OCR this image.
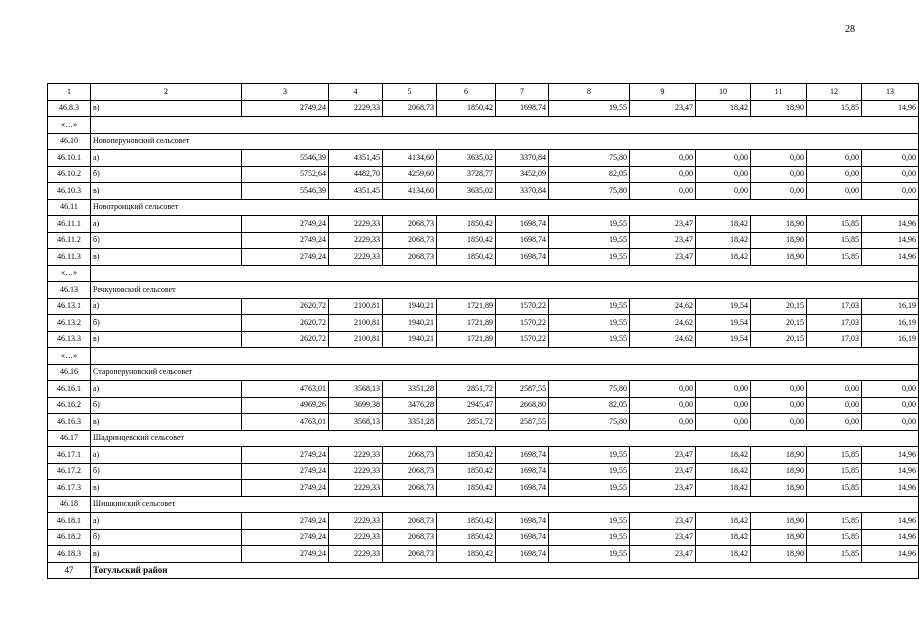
28
1	2	3	4	5	6	7	8	9	10	11	12	13
46.8.3	в)	2749,24	2229,33	2068,73	1850,42	1698,74	19,55	23,47	18,42	18,90	15,85	14,96
«…»												
46.10	Новоперуновский сельсовет											
46.10.1	а)	5546,39	4351,45	4134,60	3635,02	3370,84	75,80	0,00	0,00	0,00	0,00	0,00
46.10.2	б)	5752,64	4482,70	4259,60	3728,77	3452,09	82,05	0,00	0,00	0,00	0,00	0,00
46.10.3	в)	5546,39	4351,45	4134,60	3635,02	3370,84	75,80	0,00	0,00	0,00	0,00	0,00
46.11	Новотроицкий сельсовет											
46.11.1	а)	2749,24	2229,33	2068,73	1850,42	1698,74	19,55	23,47	18,42	18,90	15,85	14,96
46.11.2	б)	2749,24	2229,33	2068,73	1850,42	1698,74	19,55	23,47	18,42	18,90	15,85	14,96
46.11.3	в)	2749,24	2229,33	2068,73	1850,42	1698,74	19,55	23,47	18,42	18,90	15,85	14,96
«…»												
46.13	Речкуновский сельсовет											
46.13.1	а)	2620,72	2100,81	1940,21	1721,89	1570,22	19,55	24,62	19,54	20,15	17,03	16,19
46.13.2	б)	2620,72	2100,81	1940,21	1721,89	1570,22	19,55	24,62	19,54	20,15	17,03	16,19
46.13.3	в)	2620,72	2100,81	1940,21	1721,89	1570,22	19,55	24,62	19,54	20,15	17,03	16,19
«…»												
46.16	Староперуновский сельсовет											
46.16.1	а)	4763,01	3568,13	3351,28	2851,72	2587,55	75,80	0,00	0,00	0,00	0,00	0,00
46.16.2	б)	4969,26	3699,38	3476,28	2945,47	2668,80	82,05	0,00	0,00	0,00	0,00	0,00
46.16.3	в)	4763,01	3568,13	3351,28	2851,72	2587,55	75,80	0,00	0,00	0,00	0,00	0,00
46.17	Шадринцевский сельсовет											
46.17.1	а)	2749,24	2229,33	2068,73	1850,42	1698,74	19,55	23,47	18,42	18,90	15,85	14,96
46.17.2	б)	2749,24	2229,33	2068,73	1850,42	1698,74	19,55	23,47	18,42	18,90	15,85	14,96
46.17.3	в)	2749,24	2229,33	2068,73	1850,42	1698,74	19,55	23,47	18,42	18,90	15,85	14,96
46.18	Шишкинский сельсовет											
46.18.1	а)	2749,24	2229,33	2068,73	1850,42	1698,74	19,55	23,47	18,42	18,90	15,85	14,96
46.18.2	б)	2749,24	2229,33	2068,73	1850,42	1698,74	19,55	23,47	18,42	18,90	15,85	14,96
46.18.3	в)	2749,24	2229,33	2068,73	1850,42	1698,74	19,55	23,47	18,42	18,90	15,85	14,96
47	Тогульский район											
